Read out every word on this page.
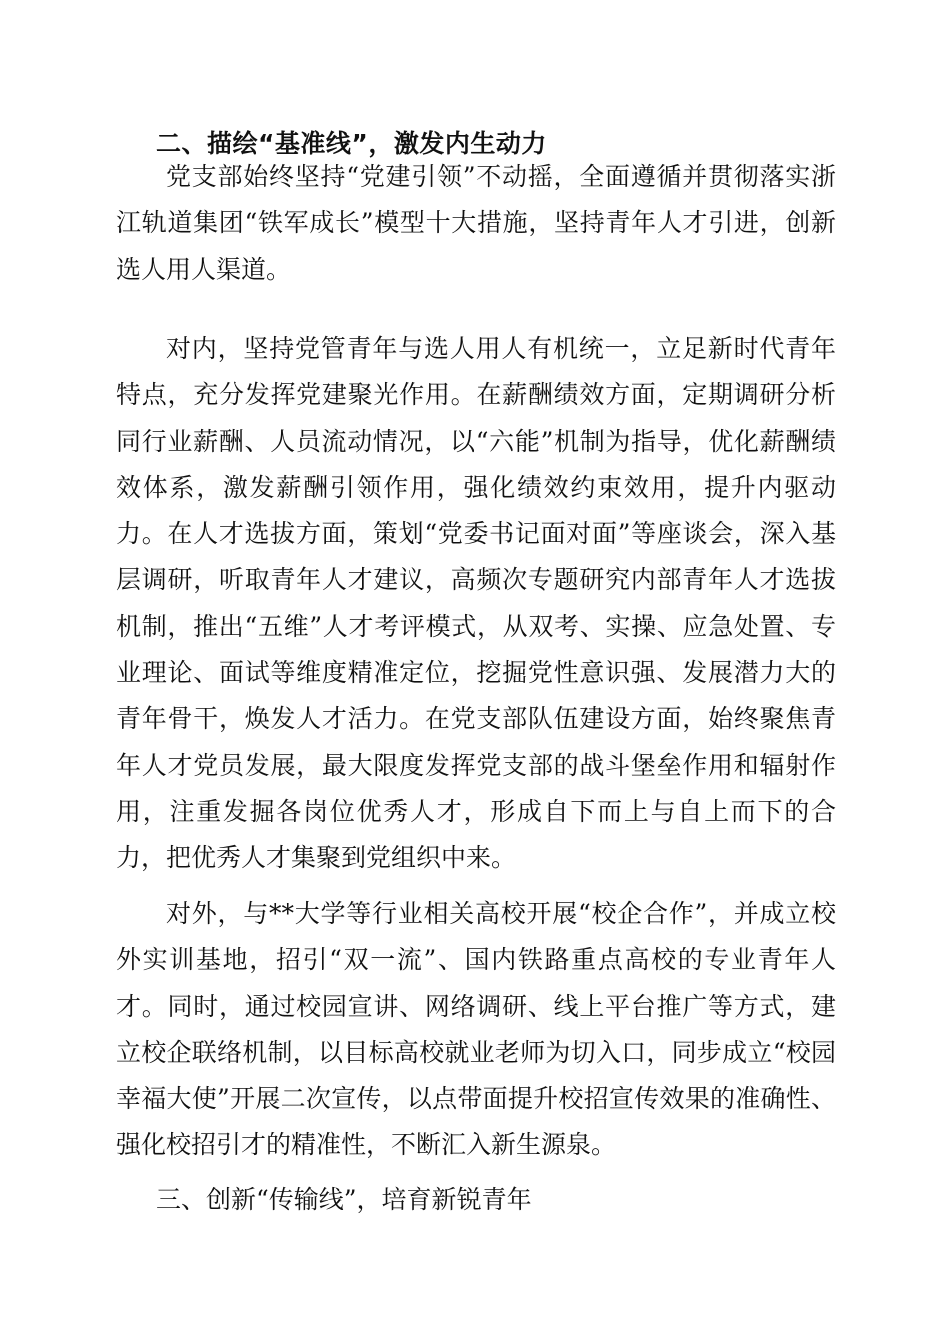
二、描绘“基准线”，激发内生动力

党支部始终坚持“党建引领”不动摇，全面遵循并贯彻落实浙江轨道集团“铁军成长”模型十大措施，坚持青年人才引进，创新选人用人渠道。

对内，坚持党管青年与选人用人有机统一，立足新时代青年特点，充分发挥党建聚光作用。在薪酬绩效方面，定期调研分析同行业薪酬、人员流动情况，以“六能”机制为指导，优化薪酬绩效体系，激发薪酬引领作用，强化绩效约束效用，提升内驱动力。在人才选拔方面，策划“党委书记面对面”等座谈会，深入基层调研，听取青年人才建议，高频次专题研究内部青年人才选拔机制，推出“五维”人才考评模式，从双考、实操、应急处置、专业理论、面试等维度精准定位，挖掘党性意识强、发展潜力大的青年骨干，焕发人才活力。在党支部队伍建设方面，始终聚焦青年人才党员发展，最大限度发挥党支部的战斗堡垒作用和辐射作用，注重发掘各岗位优秀人才，形成自下而上与自上而下的合力，把优秀人才集聚到党组织中来。

对外，与**大学等行业相关高校开展“校企合作”，并成立校外实训基地，招引“双一流”、国内铁路重点高校的专业青年人才。同时，通过校园宣讲、网络调研、线上平台推广等方式，建立校企联络机制，以目标高校就业老师为切入口，同步成立“校园幸福大使”开展二次宣传，以点带面提升校招宣传效果的准确性、强化校招引才的精准性，不断汇入新生源泉。

三、创新“传输线”，培育新锐青年
